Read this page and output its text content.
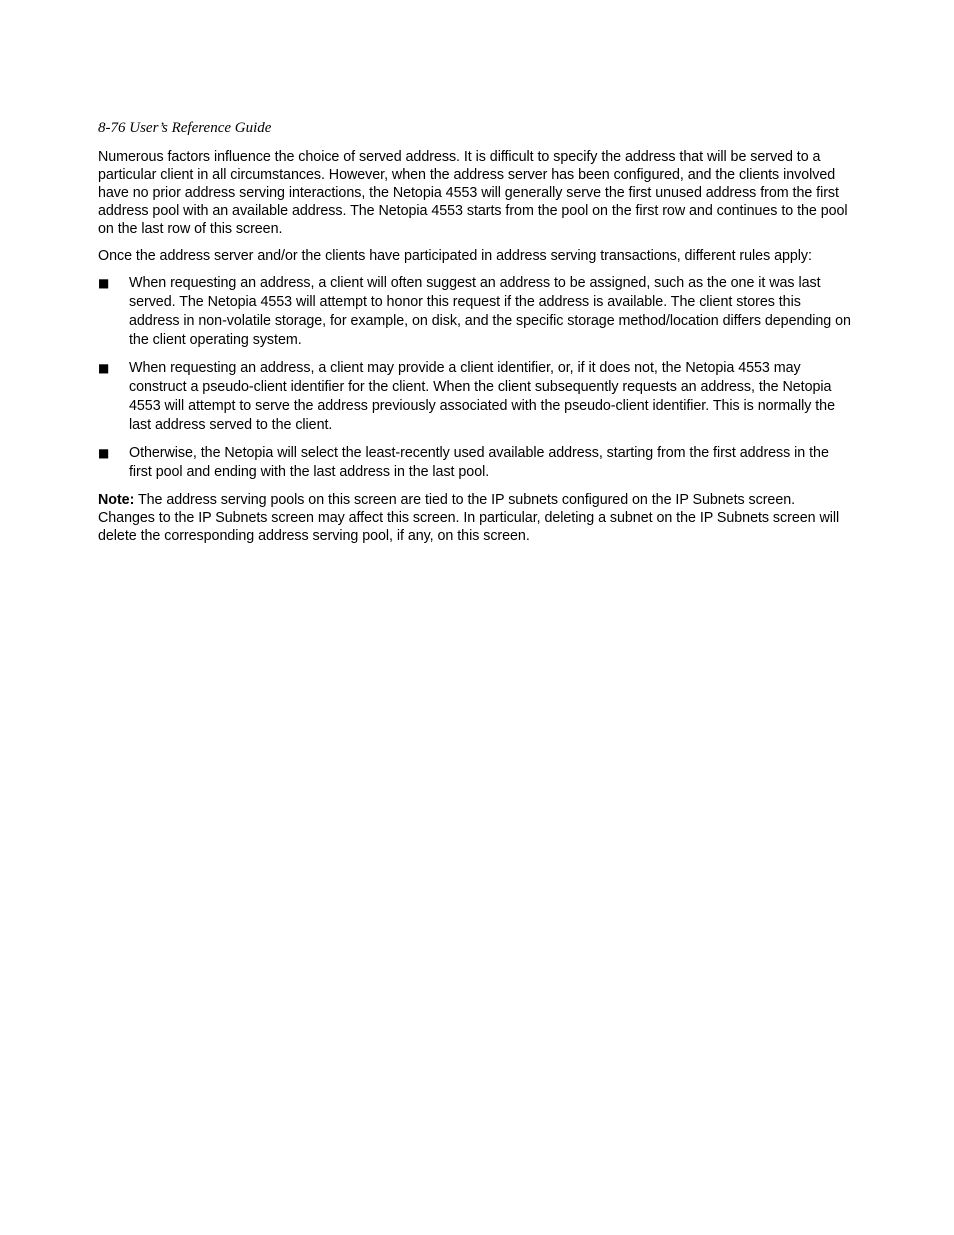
8-76 User’s Reference Guide

Numerous factors influence the choice of served address. It is difficult to specify the address that will be served to a particular client in all circumstances. However, when the address server has been configured, and the clients involved have no prior address serving interactions, the Netopia 4553 will generally serve the first unused address from the first address pool with an available address. The Netopia 4553 starts from the pool on the first row and continues to the pool on the last row of this screen.

Once the address server and/or the clients have participated in address serving transactions, different rules apply:

■ When requesting an address, a client will often suggest an address to be assigned, such as the one it was last served. The Netopia 4553 will attempt to honor this request if the address is available. The client stores this address in non-volatile storage, for example, on disk, and the specific storage method/location differs depending on the client operating system.
■ When requesting an address, a client may provide a client identifier, or, if it does not, the Netopia 4553 may construct a pseudo-client identifier for the client. When the client subsequently requests an address, the Netopia 4553 will attempt to serve the address previously associated with the pseudo-client identifier. This is normally the last address served to the client.
■ Otherwise, the Netopia will select the least-recently used available address, starting from the first address in the first pool and ending with the last address in the last pool.

Note: The address serving pools on this screen are tied to the IP subnets configured on the IP Subnets screen. Changes to the IP Subnets screen may affect this screen. In particular, deleting a subnet on the IP Subnets screen will delete the corresponding address serving pool, if any, on this screen.
